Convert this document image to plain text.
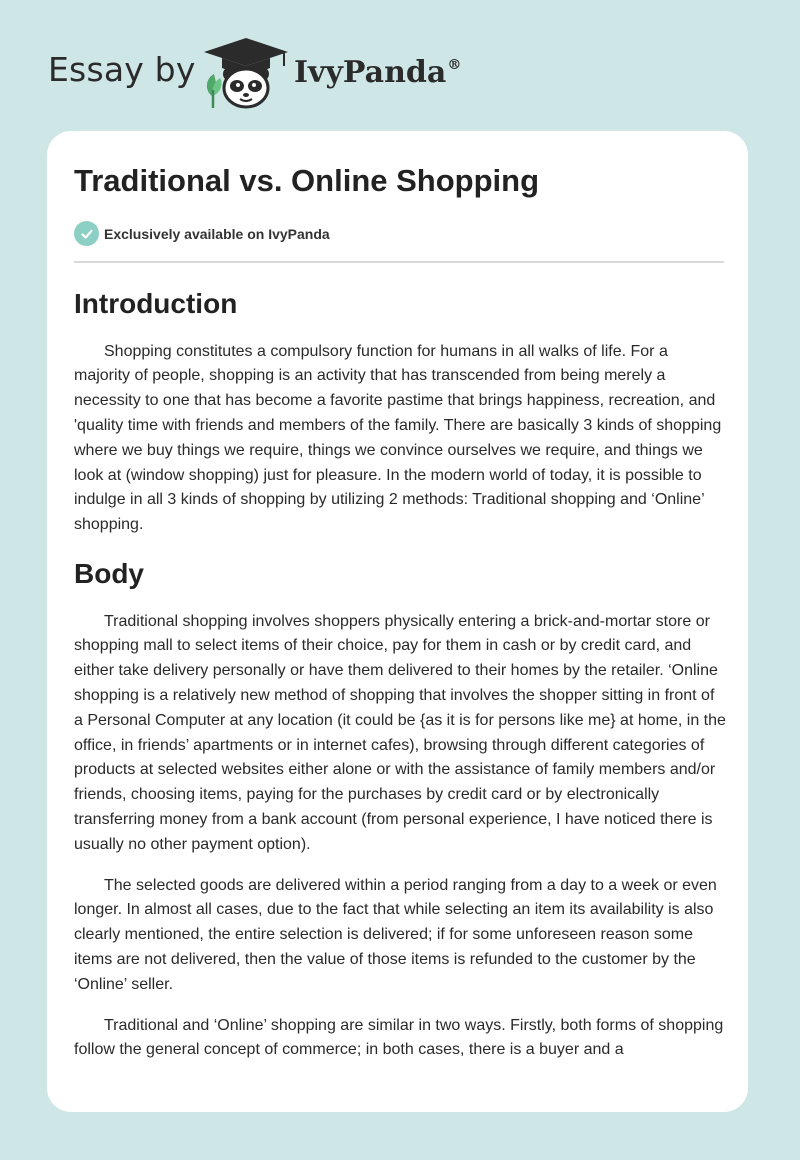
Essay by	IvyPanda®
Traditional vs. Online Shopping
Exclusively available on IvyPanda
Introduction

Shopping constitutes a compulsory function for humans in all walks of life. For a majority of people, shopping is an activity that has transcended from being merely a necessity to one that has become a favorite pastime that brings happiness, recreation, and 'quality time with friends and members of the family. There are basically 3 kinds of shopping where we buy things we require, things we convince ourselves we require, and things we look at (window shopping) just for pleasure. In the modern world of today, it is possible to indulge in all 3 kinds of shopping by utilizing 2 methods: Traditional shopping and ‘Online’ shopping.

Body

Traditional shopping involves shoppers physically entering a brick-and-mortar store or shopping mall to select items of their choice, pay for them in cash or by credit card, and either take delivery personally or have them delivered to their homes by the retailer. ‘Online shopping is a relatively new method of shopping that involves the shopper sitting in front of a Personal Computer at any location (it could be {as it is for persons like me} at home, in the office, in friends’ apartments or in internet cafes), browsing through different categories of products at selected websites either alone or with the assistance of family members and/or friends, choosing items, paying for the purchases by credit card or by electronically transferring money from a bank account (from personal experience, I have noticed there is usually no other payment option).

The selected goods are delivered within a period ranging from a day to a week or even longer. In almost all cases, due to the fact that while selecting an item its availability is also clearly mentioned, the entire selection is delivered; if for some unforeseen reason some items are not delivered, then the value of those items is refunded to the customer by the ‘Online’ seller.

Traditional and ‘Online’ shopping are similar in two ways. Firstly, both forms of shopping follow the general concept of commerce; in both cases, there is a buyer and a
